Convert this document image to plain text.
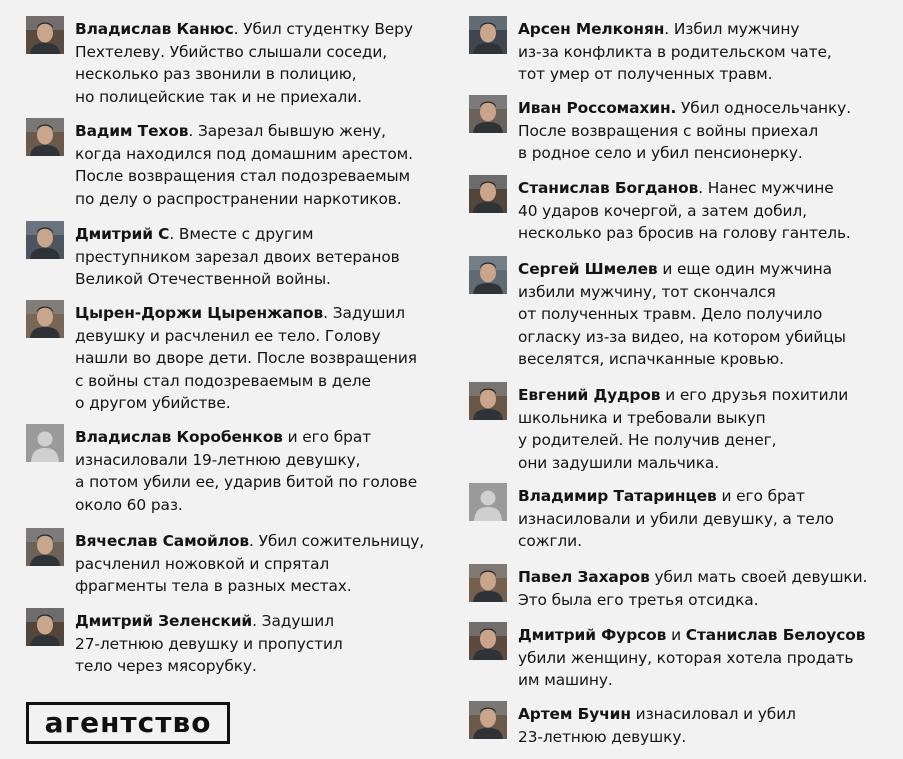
Владислав Канюс. Убил студентку Веру
Пехтелеву. Убийство слышали соседи,
несколько раз звонили в полицию,
но полицейские так и не приехали.
Вадим Техов. Зарезал бывшую жену,
когда находился под домашним арестом.
После возвращения стал подозреваемым
по делу о распространении наркотиков.
Дмитрий С. Вместе с другим
преступником зарезал двоих ветеранов
Великой Отечественной войны.
Цырен-Доржи Цыренжапов. Задушил
девушку и расчленил ее тело. Голову
нашли во дворе дети. После возвращения
с войны стал подозреваемым в деле
о другом убийстве.
Владислав Коробенков и его брат
изнасиловали 19-летнюю девушку,
а потом убили ее, ударив битой по голове
около 60 раз.
Вячеслав Самойлов. Убил сожительницу,
расчленил ножовкой и спрятал
фрагменты тела в разных местах.
Дмитрий Зеленский. Задушил
27-летнюю девушку и пропустил
тело через мясорубку.
Арсен Мелконян. Избил мужчину
из-за конфликта в родительском чате,
тот умер от полученных травм.
Иван Россомахин. Убил односельчанку.
После возвращения с войны приехал
в родное село и убил пенсионерку.
Станислав Богданов. Нанес мужчине
40 ударов кочергой, а затем добил,
несколько раз бросив на голову гантель.
Сергей Шмелев и еще один мужчина
избили мужчину, тот скончался
от полученных травм. Дело получило
огласку из-за видео, на котором убийцы
веселятся, испачканные кровью.
Евгений Дудров и его друзья похитили
школьника и требовали выкуп
у родителей. Не получив денег,
они задушили мальчика.
Владимир Татаринцев и его брат
изнасиловали и убили девушку, а тело
сожгли.
Павел Захаров убил мать своей девушки.
Это была его третья отсидка.
Дмитрий Фурсов и Станислав Белоусов
убили женщину, которая хотела продать
им машину.
Артем Бучин изнасиловал и убил
23-летнюю девушку.
агентство
